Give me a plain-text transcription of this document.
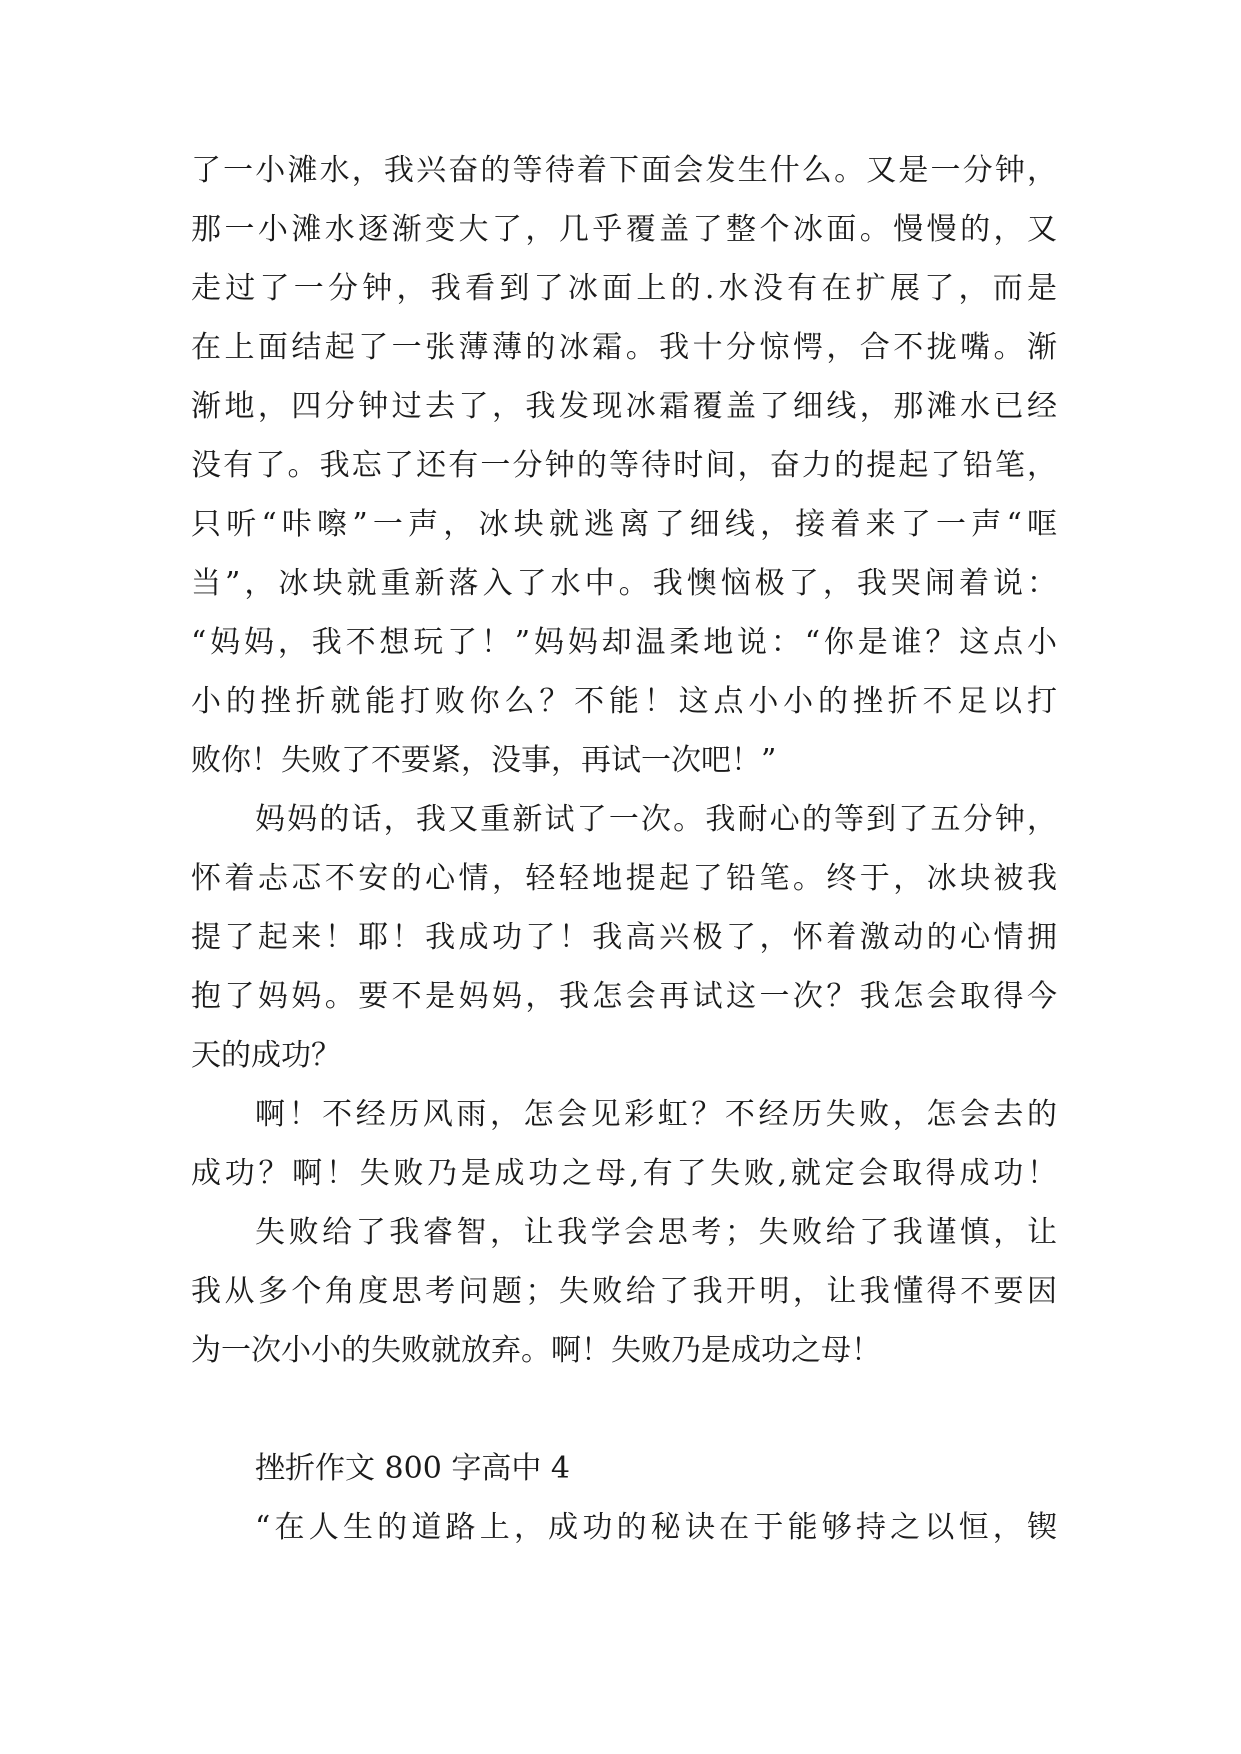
了一小滩水，我兴奋的等待着下面会发生什么。又是一分钟，

那一小滩水逐渐变大了，几乎覆盖了整个冰面。慢慢的，又

走过了一分钟，我看到了冰面上的.水没有在扩展了，而是

在上面结起了一张薄薄的冰霜。我十分惊愕，合不拢嘴。渐

渐地，四分钟过去了，我发现冰霜覆盖了细线，那滩水已经

没有了。我忘了还有一分钟的等待时间，奋力的提起了铅笔，

只听“咔嚓”一声，冰块就逃离了细线，接着来了一声“哐

当”，冰块就重新落入了水中。我懊恼极了，我哭闹着说：

“妈妈，我不想玩了！”妈妈却温柔地说：“你是谁？这点小

小的挫折就能打败你么？不能！这点小小的挫折不足以打

败你！失败了不要紧，没事，再试一次吧！”

妈妈的话，我又重新试了一次。我耐心的等到了五分钟，

怀着忐忑不安的心情，轻轻地提起了铅笔。终于，冰块被我

提了起来！耶！我成功了！我高兴极了，怀着激动的心情拥

抱了妈妈。要不是妈妈，我怎会再试这一次？我怎会取得今

天的成功？

啊！不经历风雨，怎会见彩虹？不经历失败，怎会去的

成功？啊！失败乃是成功之母,有了失败,就定会取得成功！

失败给了我睿智，让我学会思考；失败给了我谨慎，让

我从多个角度思考问题；失败给了我开明，让我懂得不要因

为一次小小的失败就放弃。啊！失败乃是成功之母！

挫折作文 800 字高中 4

“在人生的道路上，成功的秘诀在于能够持之以恒，锲
